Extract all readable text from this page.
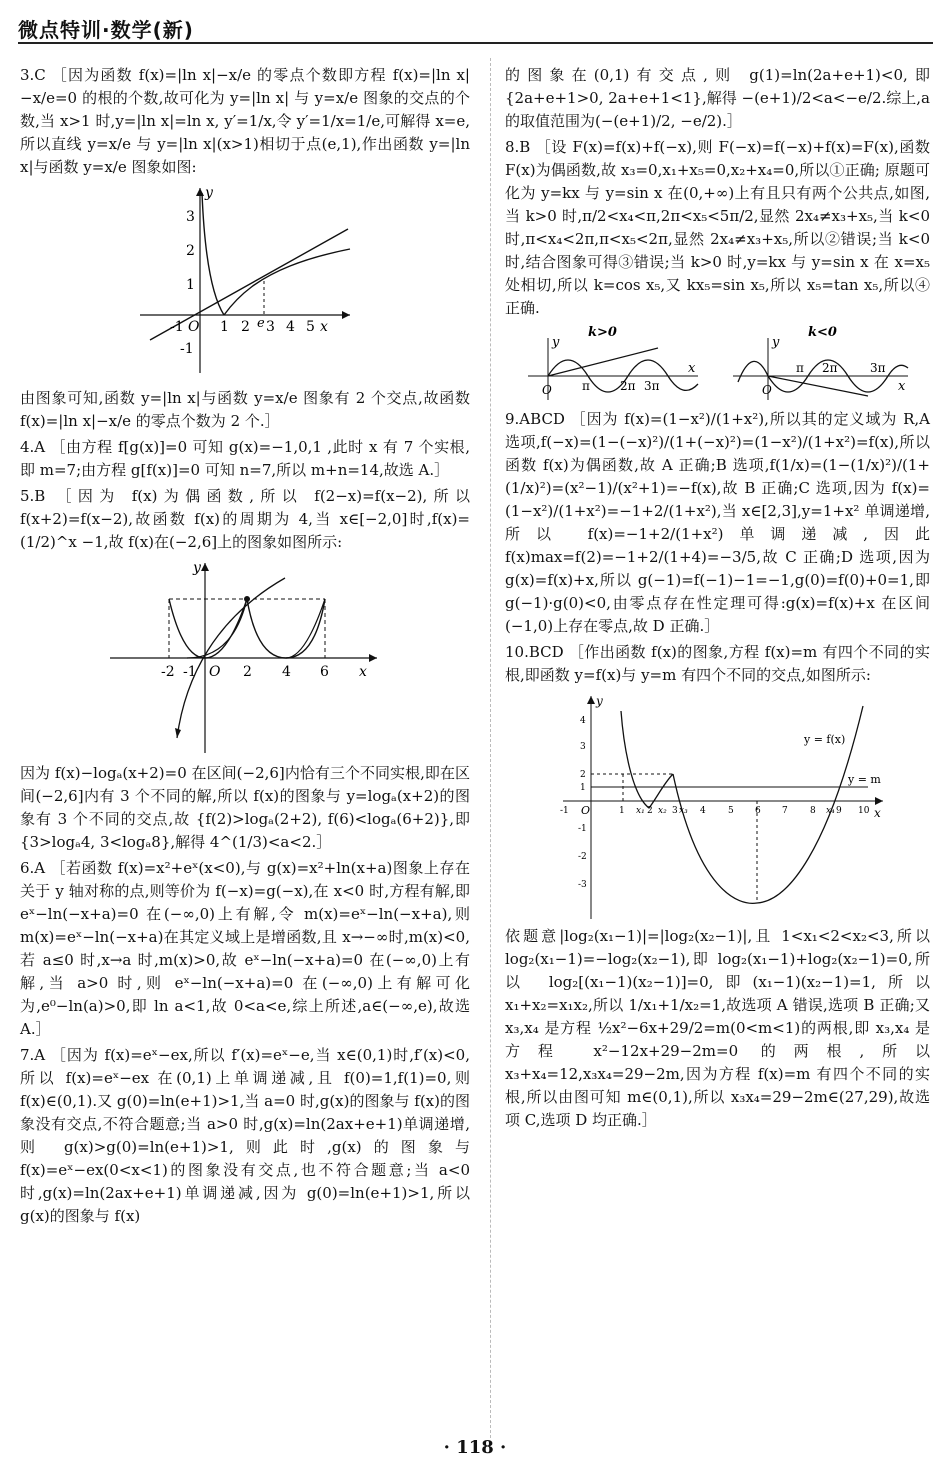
微点特训·数学(新)

3.C ［因为函数 f(x)=|ln x|−x/e 的零点个数即方程 f(x)=|ln x|−x/e=0 的根的个数,故可化为 y=|ln x| 与 y=x/e 图象的交点的个数,当 x>1 时,y=|ln x|=ln x, y′=1/x,令 y′=1/x=1/e,可解得 x=e,所以直线 y=x/e 与 y=|ln x|(x>1)相切于点(e,1),作出函数 y=|ln x|与函数 y=x/e 图象如图:

-1 O 1 2 e 3 4 5 x
y
3
2
1
-1

由图象可知,函数 y=|ln x|与函数 y=x/e 图象有 2 个交点,故函数 f(x)=|ln x|−x/e 的零点个数为 2 个.］

4.A ［由方程 f[g(x)]=0 可知 g(x)=−1,0,1 ,此时 x 有 7 个实根,即 m=7;由方程 g[f(x)]=0 可知 n=7,所以 m+n=14,故选 A.］

5.B ［因为 f(x)为偶函数,所以 f(2−x)=f(x−2),所以 f(x+2)=f(x−2),故函数 f(x)的周期为 4,当 x∈[−2,0]时,f(x)=(1/2)^x −1,故 f(x)在(−2,6]上的图象如图所示:

-2 -1 O 2 4 6 x
y

因为 f(x)−logₐ(x+2)=0 在区间(−2,6]内恰有三个不同实根,即在区间(−2,6]内有 3 个不同的解,所以 f(x)的图象与 y=logₐ(x+2)的图象有 3 个不同的交点,故 {f(2)>logₐ(2+2), f(6)<logₐ(6+2)},即 {3>logₐ4, 3<logₐ8},解得 4^(1/3)<a<2.］

6.A ［若函数 f(x)=x²+eˣ(x<0),与 g(x)=x²+ln(x+a)图象上存在关于 y 轴对称的点,则等价为 f(−x)=g(−x),在 x<0 时,方程有解,即 eˣ−ln(−x+a)=0 在(−∞,0)上有解,令 m(x)=eˣ−ln(−x+a),则 m(x)=eˣ−ln(−x+a)在其定义域上是增函数,且 x→−∞时,m(x)<0,若 a≤0 时,x→a 时,m(x)>0,故 eˣ−ln(−x+a)=0 在(−∞,0)上有解,当 a>0 时,则 eˣ−ln(−x+a)=0 在(−∞,0)上有解可化为,e⁰−ln(a)>0,即 ln a<1,故 0<a<e,综上所述,a∈(−∞,e),故选 A.］

7.A ［因为 f(x)=eˣ−ex,所以 f′(x)=eˣ−e,当 x∈(0,1)时,f′(x)<0,所以 f(x)=eˣ−ex 在(0,1)上单调递减,且 f(0)=1,f(1)=0,则 f(x)∈(0,1).又 g(0)=ln(e+1)>1,当 a=0 时,g(x)的图象与 f(x)的图象没有交点,不符合题意;当 a>0 时,g(x)=ln(2ax+e+1)单调递增,则 g(x)>g(0)=ln(e+1)>1,则此时,g(x)的图象与 f(x)=eˣ−ex(0<x<1)的图象没有交点,也不符合题意;当 a<0 时,g(x)=ln(2ax+e+1)单调递减,因为 g(0)=ln(e+1)>1,所以 g(x)的图象与 f(x)

的图象在(0,1)有交点,则 g(1)=ln(2a+e+1)<0,即 {2a+e+1>0, 2a+e+1<1},解得 −(e+1)/2<a<−e/2.综上,a 的取值范围为(−(e+1)/2, −e/2).］

8.B ［设 F(x)=f(x)+f(−x),则 F(−x)=f(−x)+f(x)=F(x),函数 F(x)为偶函数,故 x₃=0,x₁+x₅=0,x₂+x₄=0,所以①正确; 原题可化为 y=kx 与 y=sin x 在(0,+∞)上有且只有两个公共点,如图,当 k>0 时,π/2<x₄<π,2π<x₅<5π/2,显然 2x₄≠x₃+x₅,当 k<0 时,π<x₄<2π,π<x₅<2π,显然 2x₄≠x₃+x₅,所以②错误;当 k<0 时,结合图象可得③错误;当 k>0 时,y=kx 与 y=sin x 在 x=x₅ 处相切,所以 k=cos x₅,又 kx₅=sin x₅,所以 x₅=tan x₅,所以④正确.

k>0
O	π	2π 3π
x
y
k<0
O
π 2π	3π
x
y

9.ABCD ［因为 f(x)=(1−x²)/(1+x²),所以其的定义域为 R,A 选项,f(−x)=(1−(−x)²)/(1+(−x)²)=(1−x²)/(1+x²)=f(x),所以函数 f(x)为偶函数,故 A 正确;B 选项,f(1/x)=(1−(1/x)²)/(1+(1/x)²)=(x²−1)/(x²+1)=−f(x),故 B 正确;C 选项,因为 f(x)=(1−x²)/(1+x²)=−1+2/(1+x²),当 x∈[2,3],y=1+x² 单调递增,所以 f(x)=−1+2/(1+x²)单调递减,因此 f(x)max=f(2)=−1+2/(1+4)=−3/5,故 C 正确;D 选项,因为 g(x)=f(x)+x,所以 g(−1)=f(−1)−1=−1,g(0)=f(0)+0=1,即 g(−1)·g(0)<0,由零点存在性定理可得:g(x)=f(x)+x 在区间(−1,0)上存在零点,故 D 正确.］

10.BCD ［作出函数 f(x)的图象,方程 f(x)=m 有四个不同的实根,即函数 y=f(x)与 y=m 有四个不同的交点,如图所示:

y = f(x)
y = m
y
x
4
3
2
1
-1
-2
-3
-1 O	1 2 3 4 5 6 7 8 9 10
x₁ x₂ x₃	x₄

依题意|log₂(x₁−1)|=|log₂(x₂−1)|,且 1<x₁<2<x₂<3,所以 log₂(x₁−1)=−log₂(x₂−1),即 log₂(x₁−1)+log₂(x₂−1)=0,所以 log₂[(x₁−1)(x₂−1)]=0,即(x₁−1)(x₂−1)=1,所以 x₁+x₂=x₁x₂,所以 1/x₁+1/x₂=1,故选项 A 错误,选项 B 正确;又 x₃,x₄ 是方程 ½x²−6x+29/2=m(0<m<1)的两根,即 x₃,x₄ 是方程 x²−12x+29−2m=0 的两根,所以 x₃+x₄=12,x₃x₄=29−2m,因为方程 f(x)=m 有四个不同的实根,所以由图可知 m∈(0,1),所以 x₃x₄=29−2m∈(27,29),故选项 C,选项 D 均正确.］

· 118 ·
